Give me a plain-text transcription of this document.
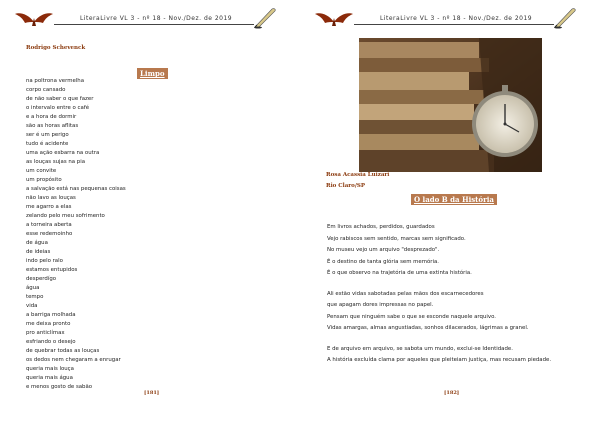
LiteraLivre VL 3 - nº 18 - Nov./Dez. de 2019
Rodrigo Schevenck
Limpo
na poltrona vermelha
corpo cansado
de não saber o que fazer
o intervalo entre o café
e a hora de dormir
são as horas aflitas
ser é um perigo
tudo é acidente
uma ação esbarra na outra
as louças sujas na pia
um convite
um propósito
a salvação está nas pequenas coisas
não lavo as louças
me agarro a elas
zelando pelo meu sofrimento
a torneira aberta
esse redemoinho
de água
de ideias
indo pelo ralo
estamos entupidos
desperdígo
água
tempo
vida
a barriga molhada
me deixa pronto
pro anticlímax
esfriando o desejo
de quebrar todas as louças
os dedos nem chegaram a enrugar
queria mais louça
queria mais água
e menos gosto de sabão
[181]
LiteraLivre VL 3 - nº 18 - Nov./Dez. de 2019
Rosa Acassia Luizari
Rio Claro/SP
O lado B da História

Em livros achados, perdidos, guardados

Vejo rabiscos sem sentido, marcas sem significado.

No museu vejo um arquivo "desprezado".

É o destino de tanta glória sem memória.

É o que observo na trajetória de uma extinta história.

Ali estão vidas sabotadas pelas mãos dos escarnecedores

que apagam dores impressas no papel.

Pensam que ninguém sabe o que se esconde naquele arquivo.

Vidas amargas, almas angustiadas, sonhos dilacerados, lágrimas a granel.

E de arquivo em arquivo, se sabota um mundo, exclui-se Identidade.

A história excluída clama por aqueles que pleiteiam justiça, mas recusam piedade.

[182]
